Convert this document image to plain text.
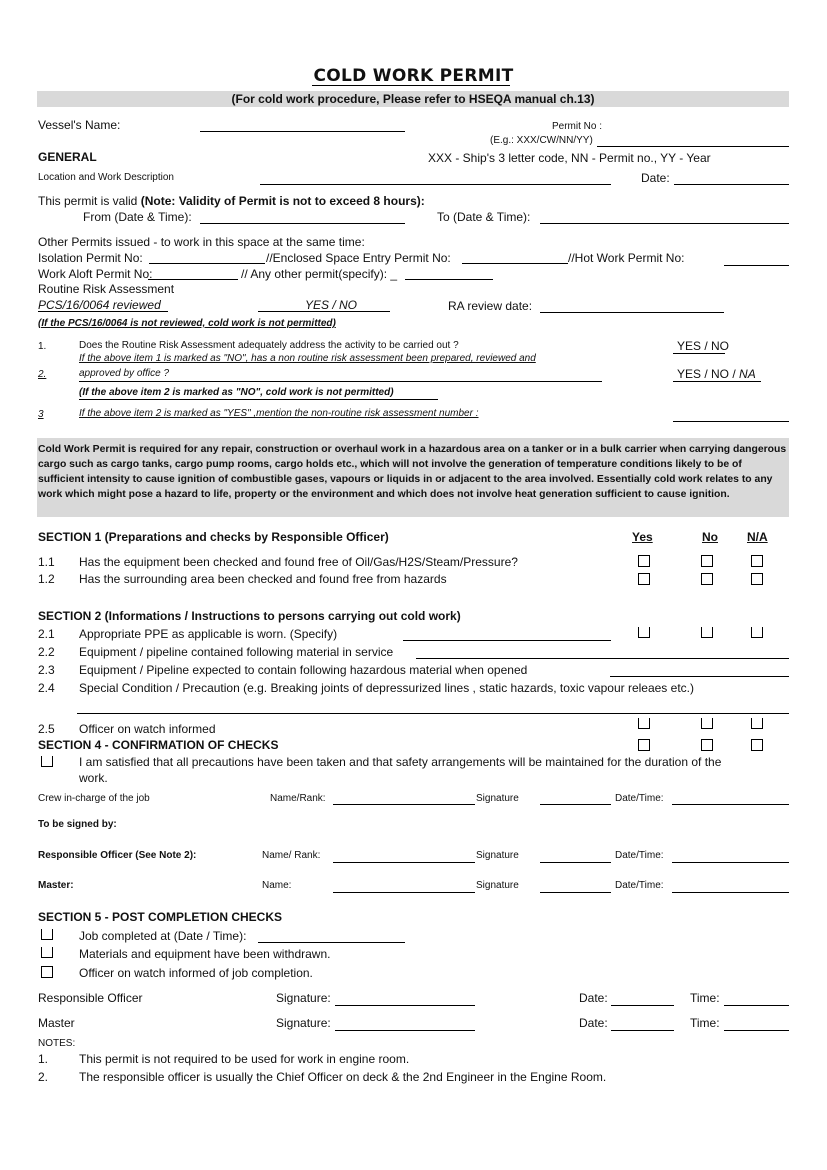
COLD WORK PERMIT
(For cold work procedure, Please refer to HSEQA manual ch.13)
Vessel's Name:	Permit No :
(E.g.: XXX/CW/NN/YY)
GENERAL	XXX - Ship's 3 letter code, NN - Permit no., YY - Year
Location and Work Description	Date:
This permit is valid (Note: Validity of Permit is not to exceed 8 hours):
From (Date & Time):	To (Date & Time):
Other Permits issued - to work in this space at the same time:
Isolation Permit No:	//Enclosed Space Entry Permit No:	//Hot Work Permit No:
Work Aloft Permit No:	// Any other permit(specify): _
Routine Risk Assessment
PCS/16/0064 reviewed	YES / NO	RA review date:
(If the PCS/16/0064 is not reviewed, cold work is not permitted)
1.	Does the Routine Risk Assessment adequately address the activity to be carried out ?	YES / NO
If the above item 1 is marked as "NO", has a non routine risk assessment been prepared, reviewed and
2.	approved by office ?	YES / NO / NA
(If the above item 2 is marked as "NO", cold work is not permitted)
3	If the above item 2 is marked as "YES" ,mention the non-routine risk assessment number :
Cold Work Permit is required for any repair, construction or overhaul work in a hazardous area on a tanker or in a bulk carrier when carrying dangerous cargo such as cargo tanks, cargo pump rooms, cargo holds etc., which will not involve the generation of temperature conditions likely to be of sufficient intensity to cause ignition of combustible gases, vapours or liquids in or adjacent to the area involved. Essentially cold work relates to any work which might pose a hazard to life, property or the environment and which does not involve heat generation sufficient to cause ignition.
SECTION 1 (Preparations and checks by Responsible Officer)	Yes	No N/A
1.1 Has the equipment been checked and found free of Oil/Gas/H2S/Steam/Pressure?
1.2 Has the surrounding area been checked and found free from hazards
SECTION 2 (Informations / Instructions to persons carrying out cold work)
2.1 Appropriate PPE as applicable is worn. (Specify)
2.2 Equipment / pipeline contained following material in service
2.3 Equipment / Pipeline expected to contain following hazardous material when opened
2.4 Special Condition / Precaution (e.g. Breaking joints of depressurized lines , static hazards, toxic vapour releaes etc.)
2.5 Officer on watch informed
SECTION 4 - CONFIRMATION OF CHECKS
I am satisfied that all precautions have been taken and that safety arrangements will be maintained for the duration of the
work.
Crew in-charge of the job	Name/Rank:	Signature	Date/Time:
To be signed by:
Responsible Officer (See Note 2):	Name/ Rank:	Signature	Date/Time:
Master:	Name:	Signature	Date/Time:
SECTION 5 - POST COMPLETION CHECKS
Job completed at (Date / Time):
Materials and equipment have been withdrawn.
Officer on watch informed of job completion.
Responsible Officer	Signature:	Date:	Time:
Master	Signature:	Date:	Time:
NOTES:
1.	This permit is not required to be used for work in engine room.
2.	The responsible officer is usually the Chief Officer on deck & the 2nd Engineer in the Engine Room.
